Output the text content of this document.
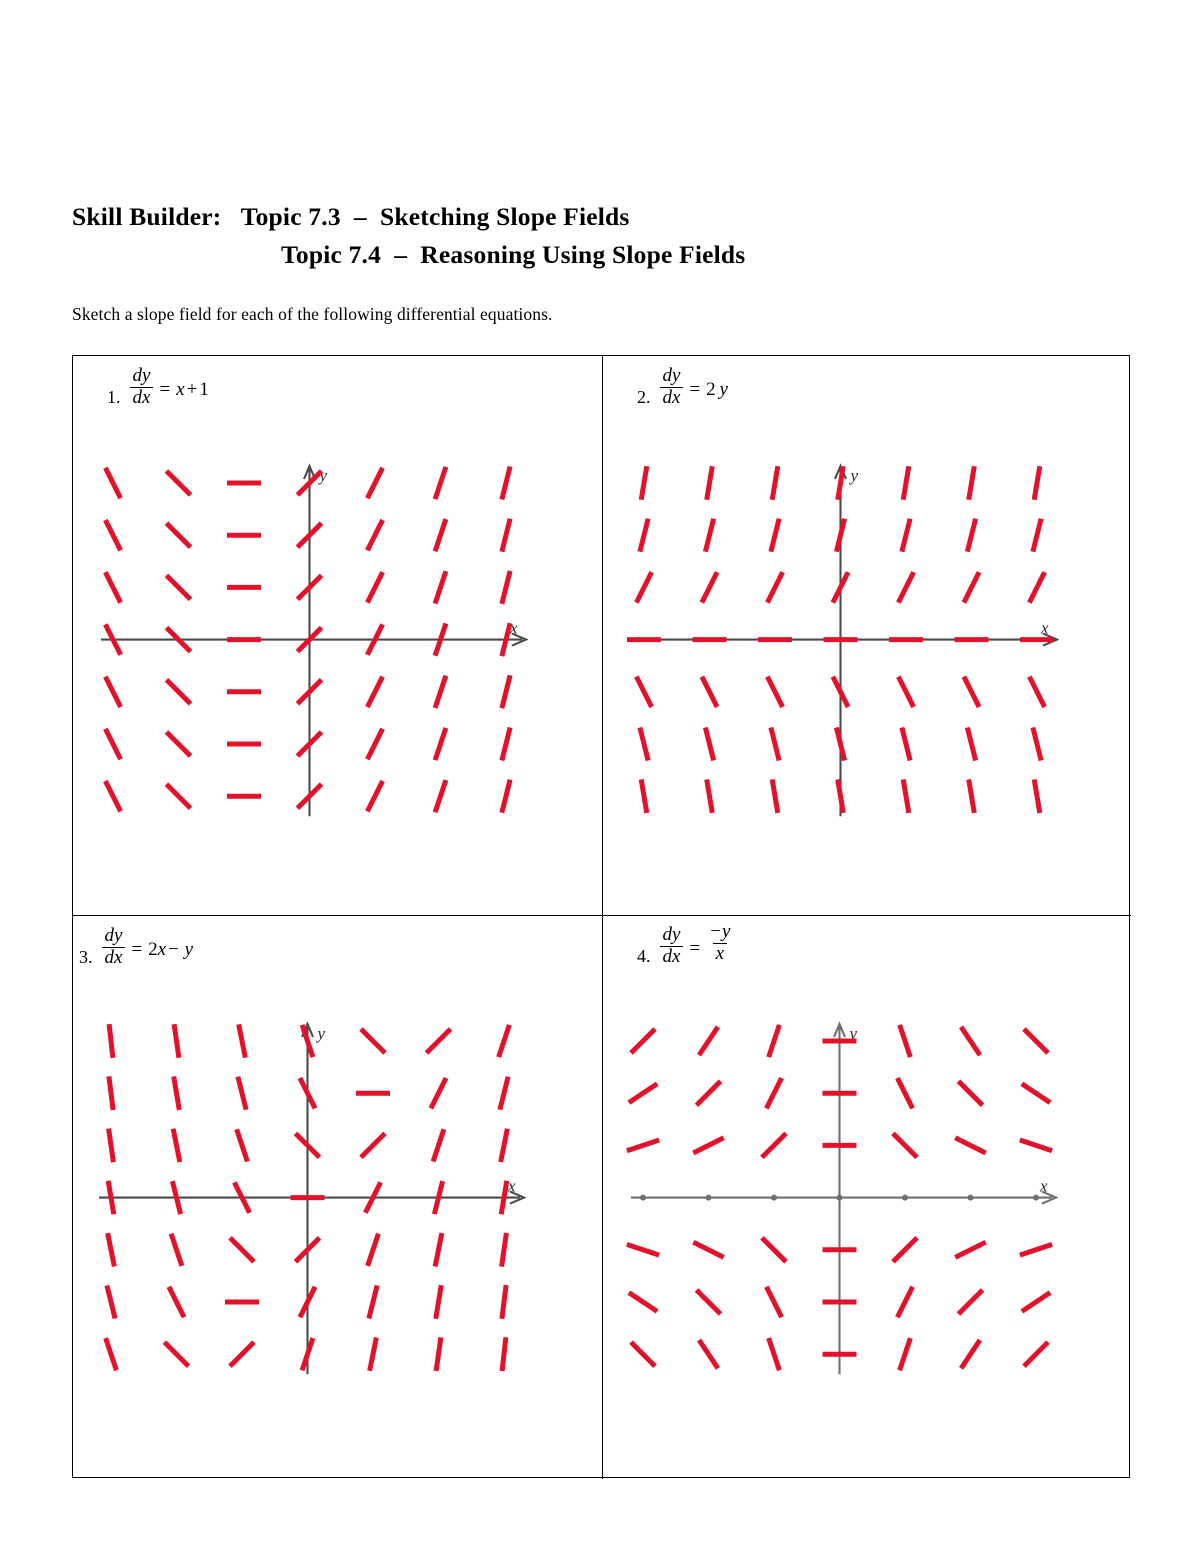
Skill Builder:   Topic 7.3  –  Sketching Slope Fields
Topic 7.4  –  Reasoning Using Slope Fields
Sketch a slope field for each of the following differential equations.
1. $\frac{dy}{dx} = x + 1$
y
x
2. $\frac{dy}{dx} = 2$ y
y
x
3. $\frac{dy}{dx} = 2x - y$
y
x
4. $\frac{dy}{dx} = \frac{-y}{x}$
y
x
